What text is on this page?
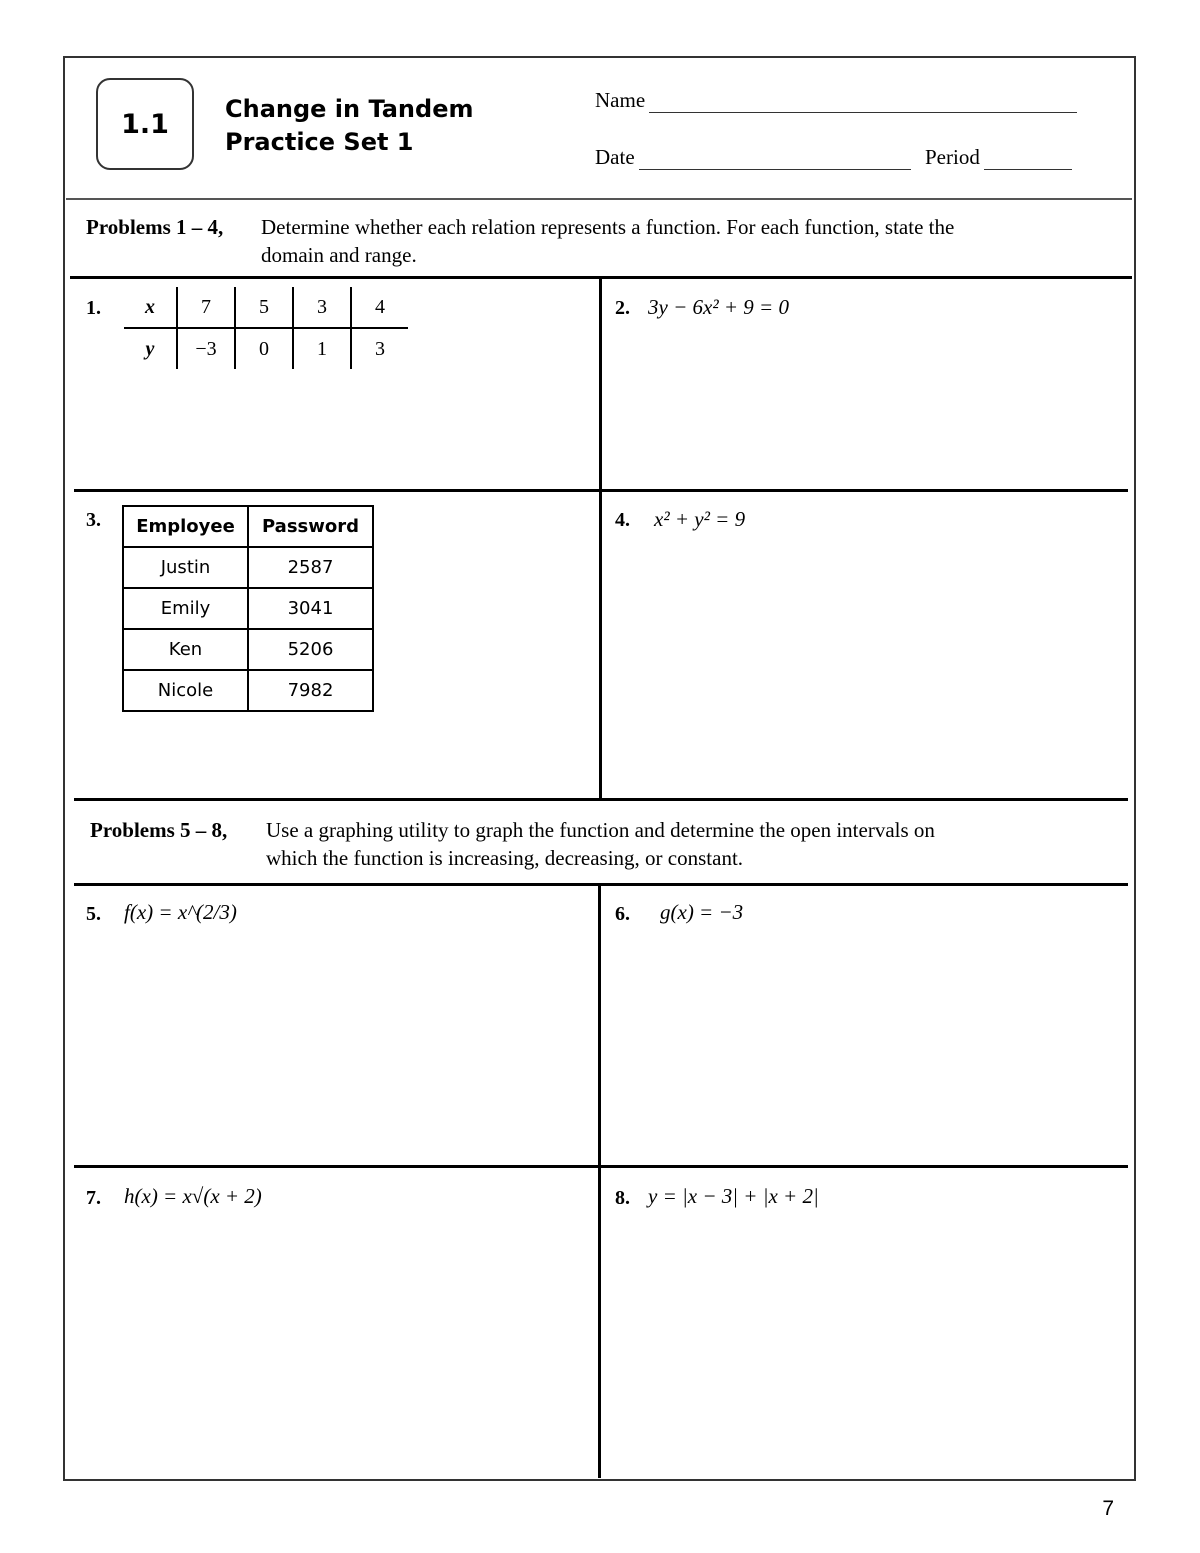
1.1	Change in Tandem
Practice Set 1
Name
Date	Period
Problems 1 – 4, Determine whether each relation represents a function. For each function, state the
domain and range.
1. x	7	5	3	4
y	−3	0	1	3
2. 3y − 6x² + 9 = 0
3. Employee	Password
Justin	2587
Emily	3041
Ken	5206
Nicole	7982
4. x² + y² = 9
Problems 5 – 8, Use a graphing utility to graph the function and determine the open intervals on
which the function is increasing, decreasing, or constant.
5. f(x) = x^(2/3)	6. g(x) = −3
7. h(x) = x√(x + 2)	8. y = |x − 3| + |x + 2|
7
